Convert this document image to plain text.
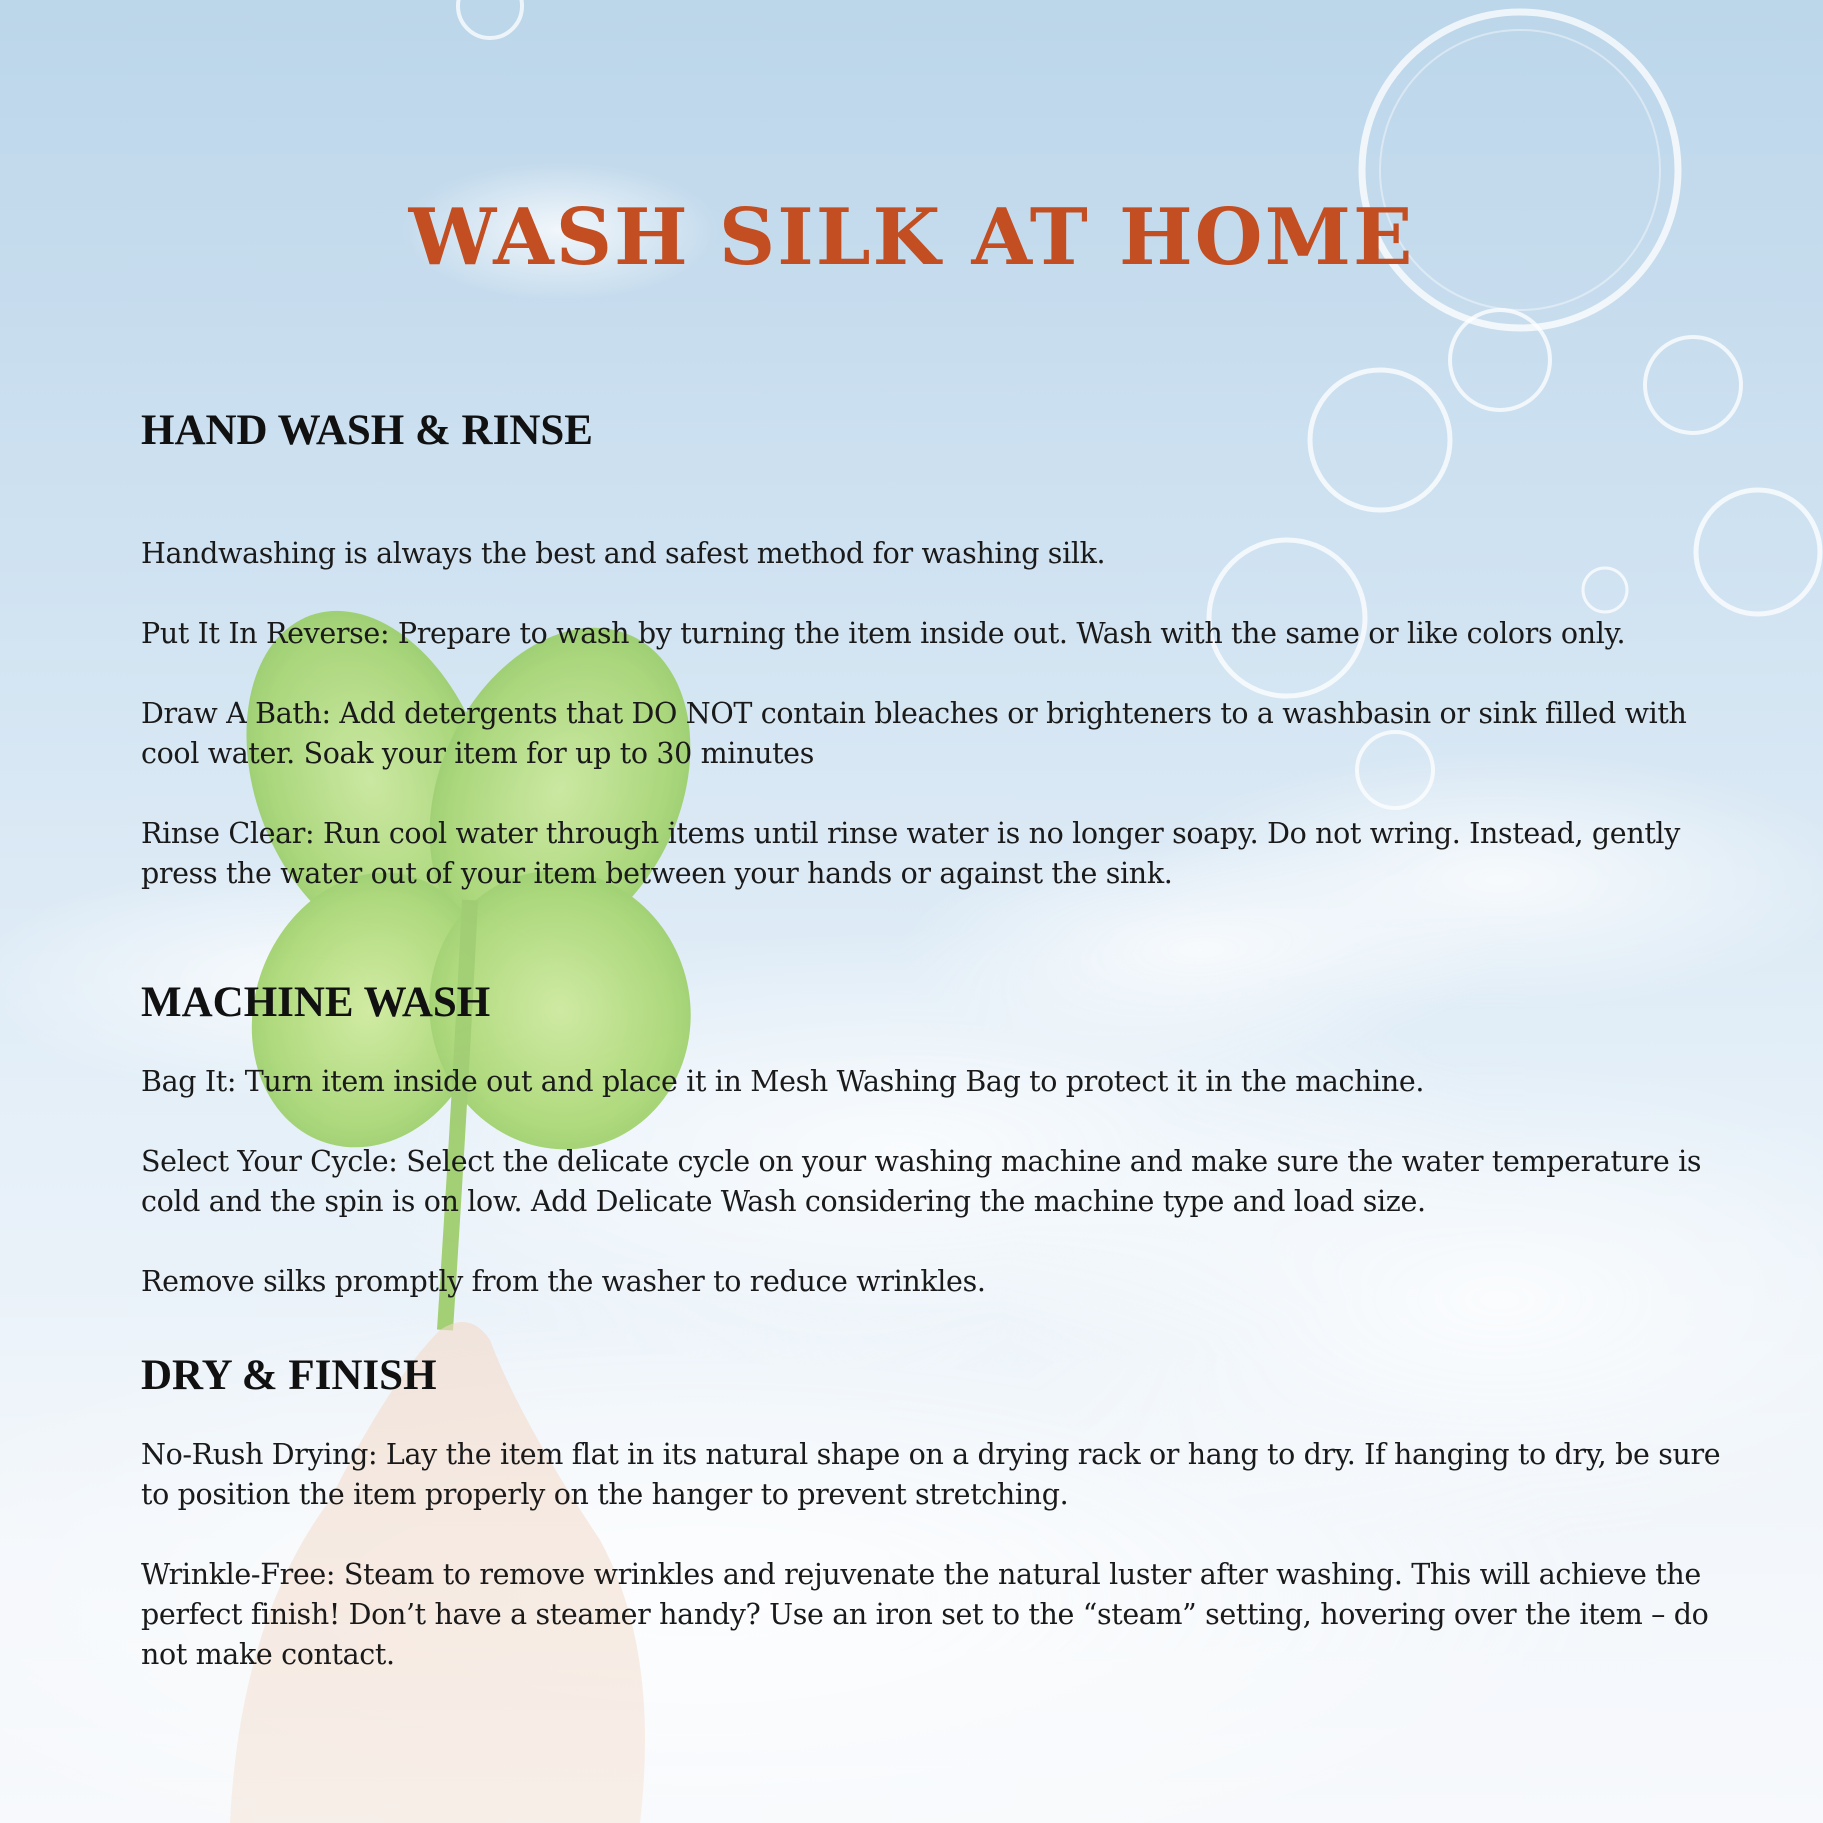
WASH SILK AT HOME
HAND WASH & RINSE

Handwashing is always the best and safest method for washing silk.

Put It In Reverse: Prepare to wash by turning the item inside out. Wash with the same or like colors only.

Draw A Bath: Add detergents that DO NOT contain bleaches or brighteners to a washbasin or sink filled with cool water. Soak your item for up to 30 minutes

Rinse Clear: Run cool water through items until rinse water is no longer soapy. Do not wring. Instead, gently press the water out of your item between your hands or against the sink.

MACHINE WASH

Bag It: Turn item inside out and place it in Mesh Washing Bag to protect it in the machine.

Select Your Cycle: Select the delicate cycle on your washing machine and make sure the water temperature is cold and the spin is on low. Add Delicate Wash considering the machine type and load size.

Remove silks promptly from the washer to reduce wrinkles.

DRY & FINISH

No-Rush Drying: Lay the item flat in its natural shape on a drying rack or hang to dry. If hanging to dry, be sure to position the item properly on the hanger to prevent stretching.

Wrinkle-Free: Steam to remove wrinkles and rejuvenate the natural luster after washing. This will achieve the perfect finish! Don’t have a steamer handy? Use an iron set to the “steam” setting, hovering over the item – do not make contact.
